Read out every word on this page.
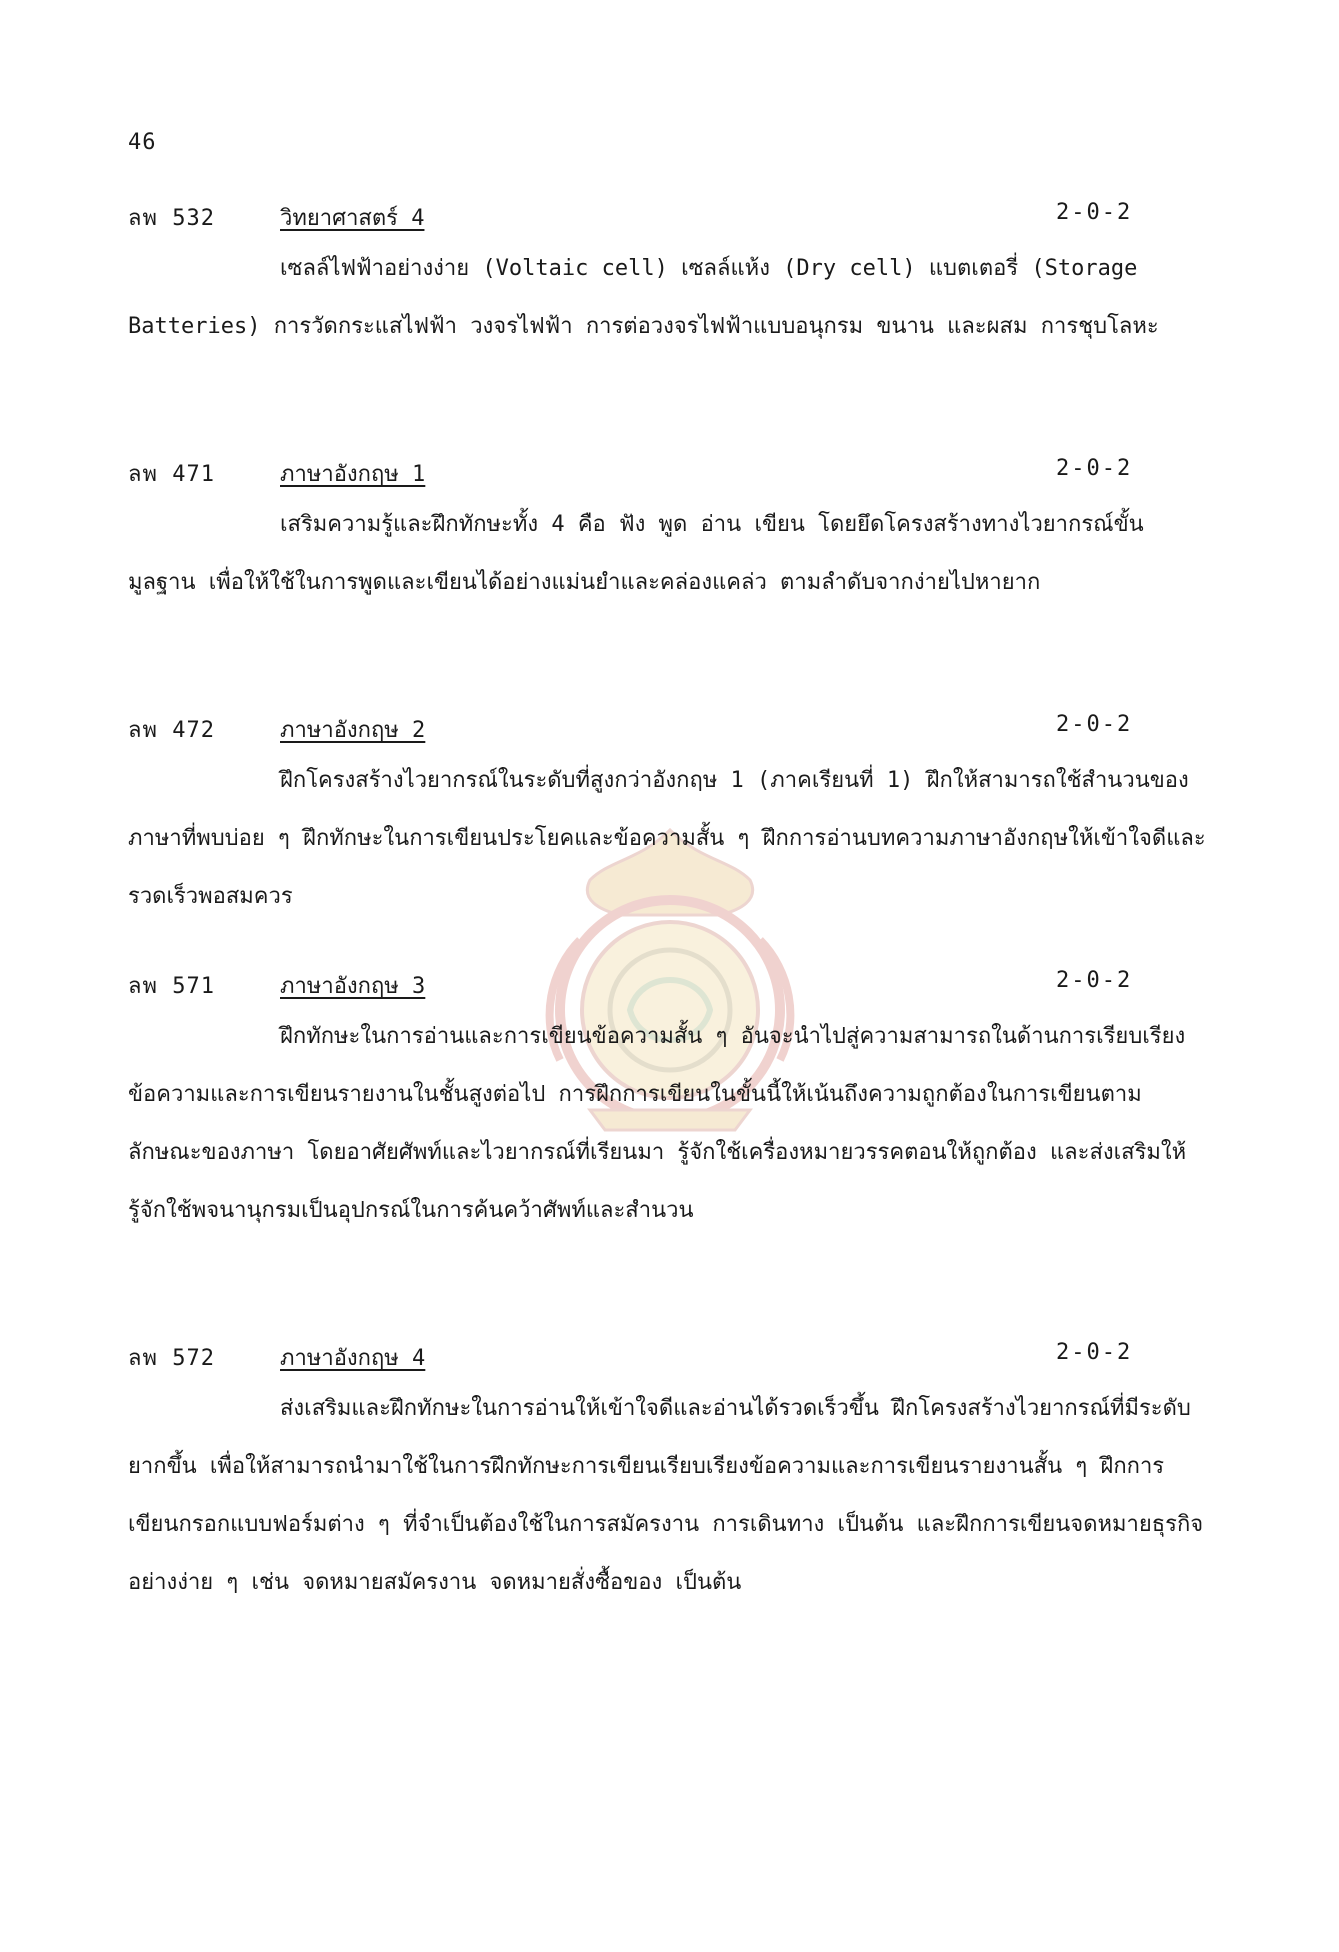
46
ลพ 532	วิทยาศาสตร์ 4	2-0-2

เซลล์ไฟฟ้าอย่างง่าย (Voltaic cell) เซลล์แห้ง (Dry cell) แบตเตอรี่ (Storage Batteries) การวัดกระแสไฟฟ้า วงจรไฟฟ้า การต่อวงจรไฟฟ้าแบบอนุกรม ขนาน และผสม การชุบโลหะ

ลพ 471	ภาษาอังกฤษ 1	2-0-2

เสริมความรู้และฝึกทักษะทั้ง 4 คือ ฟัง พูด อ่าน เขียน โดยยึดโครงสร้างทางไวยากรณ์ขั้นมูลฐาน เพื่อให้ใช้ในการพูดและเขียนได้อย่างแม่นยำและคล่องแคล่ว ตามลำดับจากง่ายไปหายาก

ลพ 472	ภาษาอังกฤษ 2	2-0-2

ฝึกโครงสร้างไวยากรณ์ในระดับที่สูงกว่าอังกฤษ 1 (ภาคเรียนที่ 1) ฝึกให้สามารถใช้สำนวนของภาษาที่พบบ่อย ๆ ฝึกทักษะในการเขียนประโยคและข้อความสั้น ๆ ฝึกการอ่านบทความภาษาอังกฤษให้เข้าใจดีและรวดเร็วพอสมควร

ลพ 571	ภาษาอังกฤษ 3	2-0-2

ฝึกทักษะในการอ่านและการเขียนข้อความสั้น ๆ อันจะนำไปสู่ความสามารถในด้านการเรียบเรียงข้อความและการเขียนรายงานในชั้นสูงต่อไป การฝึกการเขียนในขั้นนี้ให้เน้นถึงความถูกต้องในการเขียนตามลักษณะของภาษา โดยอาศัยศัพท์และไวยากรณ์ที่เรียนมา รู้จักใช้เครื่องหมายวรรคตอนให้ถูกต้อง และส่งเสริมให้รู้จักใช้พจนานุกรมเป็นอุปกรณ์ในการค้นคว้าศัพท์และสำนวน

ลพ 572	ภาษาอังกฤษ 4	2-0-2

ส่งเสริมและฝึกทักษะในการอ่านให้เข้าใจดีและอ่านได้รวดเร็วขึ้น ฝึกโครงสร้างไวยากรณ์ที่มีระดับยากขึ้น เพื่อให้สามารถนำมาใช้ในการฝึกทักษะการเขียนเรียบเรียงข้อความและการเขียนรายงานสั้น ๆ ฝึกการเขียนกรอกแบบฟอร์มต่าง ๆ ที่จำเป็นต้องใช้ในการสมัครงาน การเดินทาง เป็นต้น และฝึกการเขียนจดหมายธุรกิจอย่างง่าย ๆ เช่น จดหมายสมัครงาน จดหมายสั่งซื้อของ เป็นต้น
